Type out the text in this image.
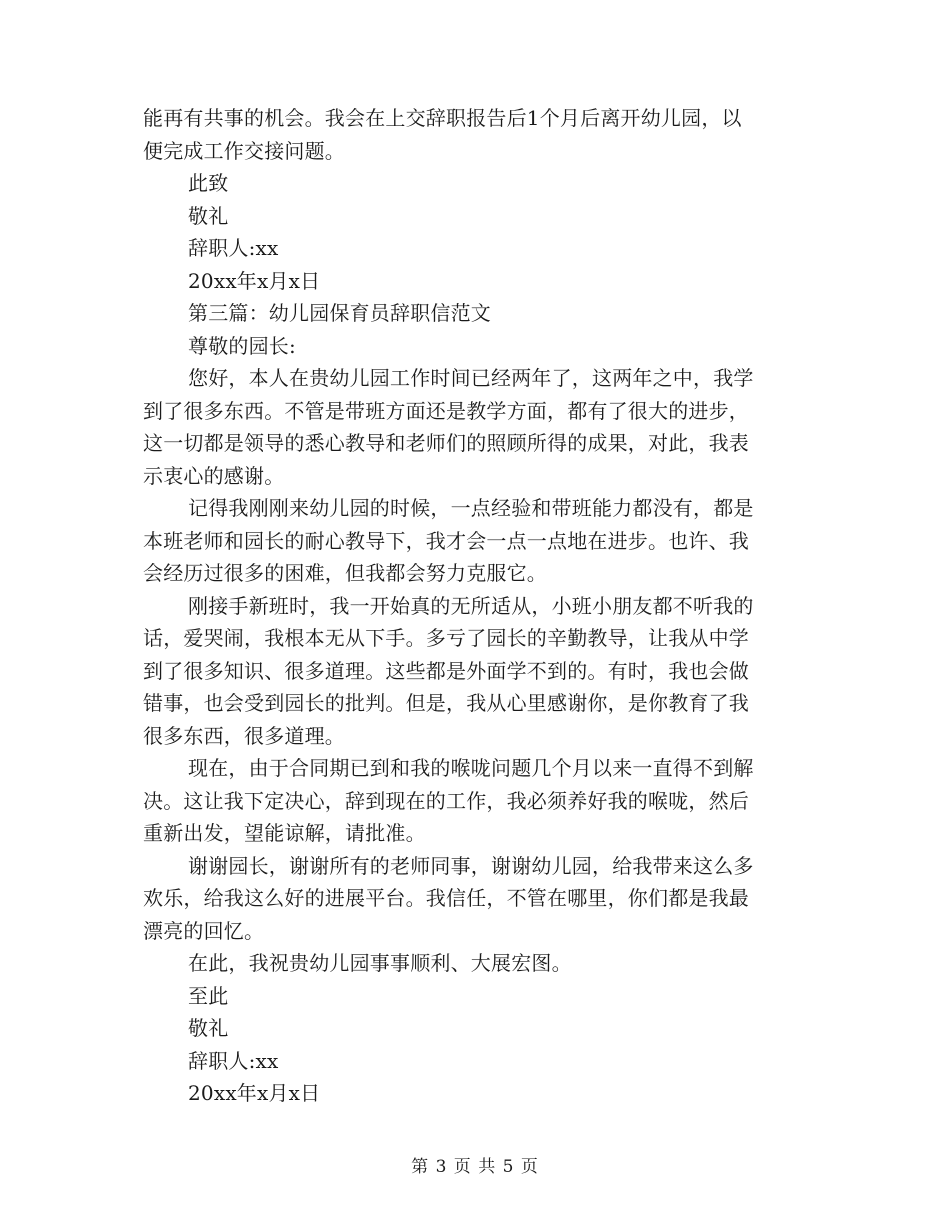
能再有共事的机会。我会在上交辞职报告后1个月后离开幼儿园，以
便完成工作交接问题。
此致
敬礼
辞职人:xx
20xx年x月x日
第三篇：幼儿园保育员辞职信范文
尊敬的园长:
您好，本人在贵幼儿园工作时间已经两年了，这两年之中，我学
到了很多东西。不管是带班方面还是教学方面，都有了很大的进步，
这一切都是领导的悉心教导和老师们的照顾所得的成果，对此，我表
示衷心的感谢。
记得我刚刚来幼儿园的时候，一点经验和带班能力都没有，都是
本班老师和园长的耐心教导下，我才会一点一点地在进步。也许、我
会经历过很多的困难，但我都会努力克服它。
刚接手新班时，我一开始真的无所适从，小班小朋友都不听我的
话，爱哭闹，我根本无从下手。多亏了园长的辛勤教导，让我从中学
到了很多知识、很多道理。这些都是外面学不到的。有时，我也会做
错事，也会受到园长的批判。但是，我从心里感谢你，是你教育了我
很多东西，很多道理。
现在，由于合同期已到和我的喉咙问题几个月以来一直得不到解
决。这让我下定决心，辞到现在的工作，我必须养好我的喉咙，然后
重新出发，望能谅解，请批准。
谢谢园长，谢谢所有的老师同事，谢谢幼儿园，给我带来这么多
欢乐，给我这么好的进展平台。我信任，不管在哪里，你们都是我最
漂亮的回忆。
在此，我祝贵幼儿园事事顺利、大展宏图。
至此
敬礼
辞职人:xx
20xx年x月x日
第 3 页 共 5 页
